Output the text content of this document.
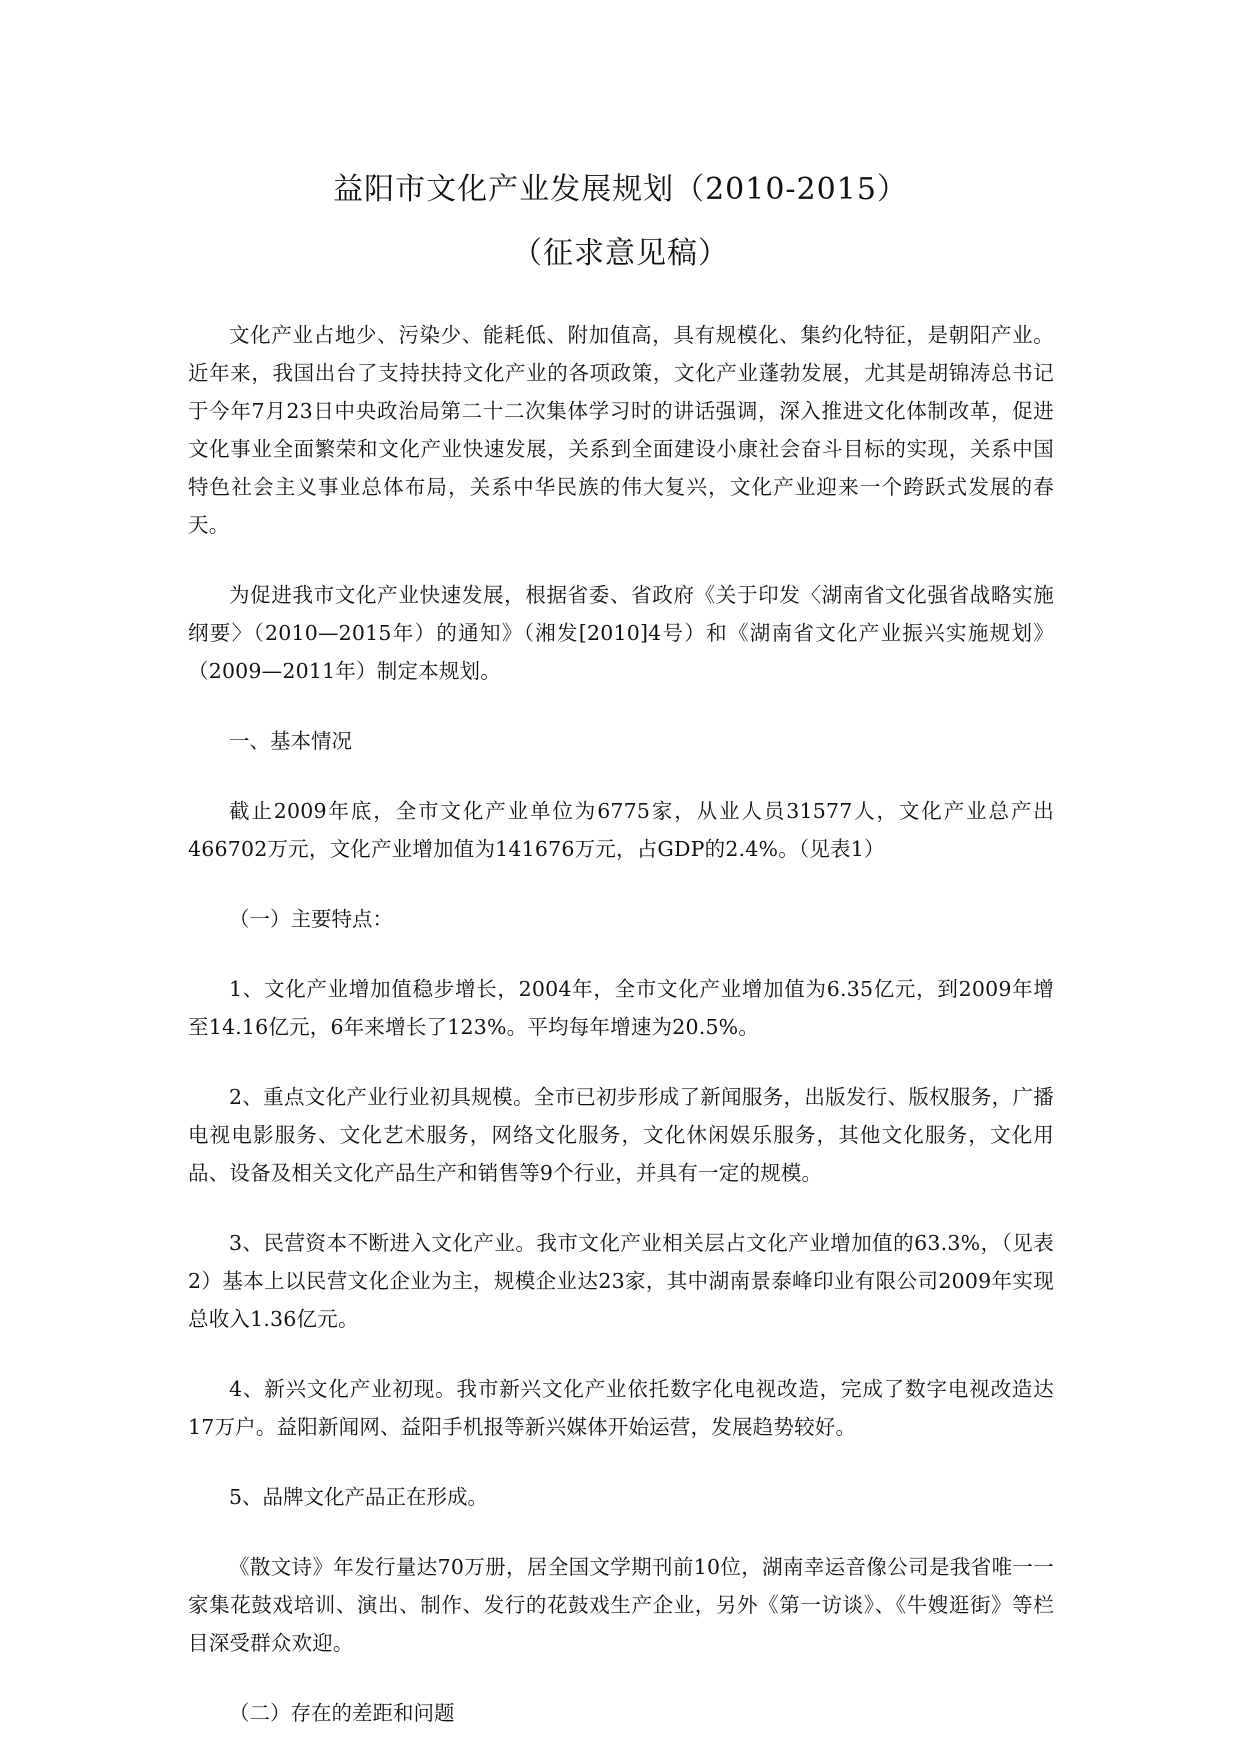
益阳市文化产业发展规划（2010-2015）
（征求意见稿）

文化产业占地少、污染少、能耗低、附加值高，具有规模化、集约化特征，是朝阳产业。近年来，我国出台了支持扶持文化产业的各项政策，文化产业蓬勃发展，尤其是胡锦涛总书记于今年7月23日中央政治局第二十二次集体学习时的讲话强调，深入推进文化体制改革，促进文化事业全面繁荣和文化产业快速发展，关系到全面建设小康社会奋斗目标的实现，关系中国特色社会主义事业总体布局，关系中华民族的伟大复兴，文化产业迎来一个跨跃式发展的春天。

为促进我市文化产业快速发展，根据省委、省政府《关于印发〈湖南省文化强省战略实施纲要〉（2010—2015年）的通知》（湘发[2010]4号）和《湖南省文化产业振兴实施规划》（2009—2011年）制定本规划。

一、基本情况

截止2009年底，全市文化产业单位为6775家，从业人员31577人，文化产业总产出466702万元，文化产业增加值为141676万元，占GDP的2.4%。（见表1）

（一）主要特点：

1、文化产业增加值稳步增长，2004年，全市文化产业增加值为6.35亿元，到2009年增至14.16亿元，6年来增长了123%。平均每年增速为20.5%。

2、重点文化产业行业初具规模。全市已初步形成了新闻服务，出版发行、版权服务，广播电视电影服务、文化艺术服务，网络文化服务，文化休闲娱乐服务，其他文化服务，文化用品、设备及相关文化产品生产和销售等9个行业，并具有一定的规模。

3、民营资本不断进入文化产业。我市文化产业相关层占文化产业增加值的63.3%，（见表2）基本上以民营文化企业为主，规模企业达23家，其中湖南景泰峰印业有限公司2009年实现总收入1.36亿元。

4、新兴文化产业初现。我市新兴文化产业依托数字化电视改造，完成了数字电视改造达17万户。益阳新闻网、益阳手机报等新兴媒体开始运营，发展趋势较好。

5、品牌文化产品正在形成。

《散文诗》年发行量达70万册，居全国文学期刊前10位，湖南幸运音像公司是我省唯一一家集花鼓戏培训、演出、制作、发行的花鼓戏生产企业，另外《第一访谈》、《牛嫂逛街》等栏目深受群众欢迎。

（二）存在的差距和问题
